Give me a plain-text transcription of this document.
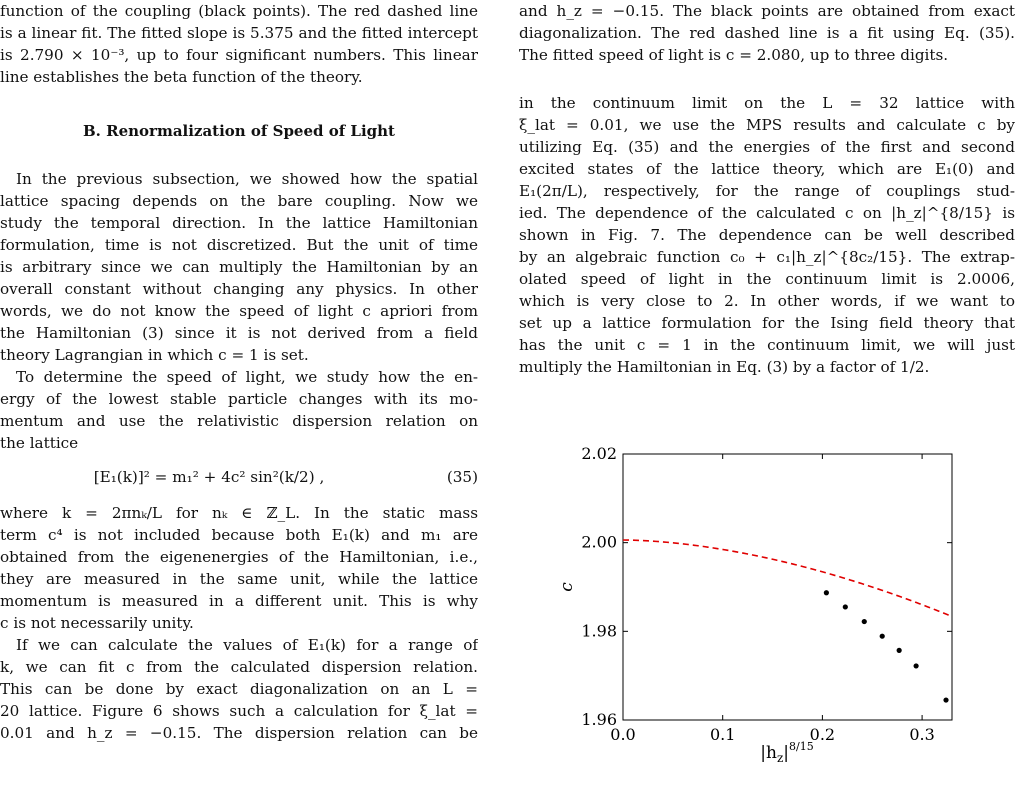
function of the coupling (black points). The red dashed line
is a linear fit. The fitted slope is 5.375 and the fitted intercept
is 2.790 × 10⁻³, up to four significant numbers. This linear
line establishes the beta function of the theory.
B. Renormalization of Speed of Light
In the previous subsection, we showed how the spatial
lattice spacing depends on the bare coupling. Now we
study the temporal direction. In the lattice Hamiltonian
formulation, time is not discretized. But the unit of time
is arbitrary since we can multiply the Hamiltonian by an
overall constant without changing any physics. In other
words, we do not know the speed of light c apriori from
the Hamiltonian (3) since it is not derived from a field
theory Lagrangian in which c = 1 is set.
To determine the speed of light, we study how the en-
ergy of the lowest stable particle changes with its mo-
mentum and use the relativistic dispersion relation on
the lattice
[E₁(k)]² = m₁² + 4c² sin²(k/2) ,	(35)
where k = 2πnₖ/L for nₖ ∈ ℤ_L. In the static mass
term c⁴ is not included because both E₁(k) and m₁ are
obtained from the eigenenergies of the Hamiltonian, i.e.,
they are measured in the same unit, while the lattice
momentum is measured in a different unit. This is why
c is not necessarily unity.
If we can calculate the values of E₁(k) for a range of
k, we can fit c from the calculated dispersion relation.
This can be done by exact diagonalization on an L =
20 lattice. Figure 6 shows such a calculation for ξ_lat =
0.01 and h_z = −0.15. The dispersion relation can be
and h_z = −0.15. The black points are obtained from exact
diagonalization. The red dashed line is a fit using Eq. (35).
The fitted speed of light is c = 2.080, up to three digits.
in the continuum limit on the L = 32 lattice with
ξ_lat = 0.01, we use the MPS results and calculate c by
utilizing Eq. (35) and the energies of the first and second
excited states of the lattice theory, which are E₁(0) and
E₁(2π/L), respectively, for the range of couplings stud-
ied. The dependence of the calculated c on |h_z|^{8/15} is
shown in Fig. 7. The dependence can be well described
by an algebraic function c₀ + c₁|h_z|^{8c₂/15}. The extrap-
olated speed of light in the continuum limit is 2.0006,
which is very close to 2. In other words, if we want to
set up a lattice formulation for the Ising field theory that
has the unit c = 1 in the continuum limit, we will just
multiply the Hamiltonian in Eq. (3) by a factor of 1/2.
0.0	0.1	0.2	0.3
1.96
1.98
2.00
2.02
$|h_z|^{8/15}$
c
